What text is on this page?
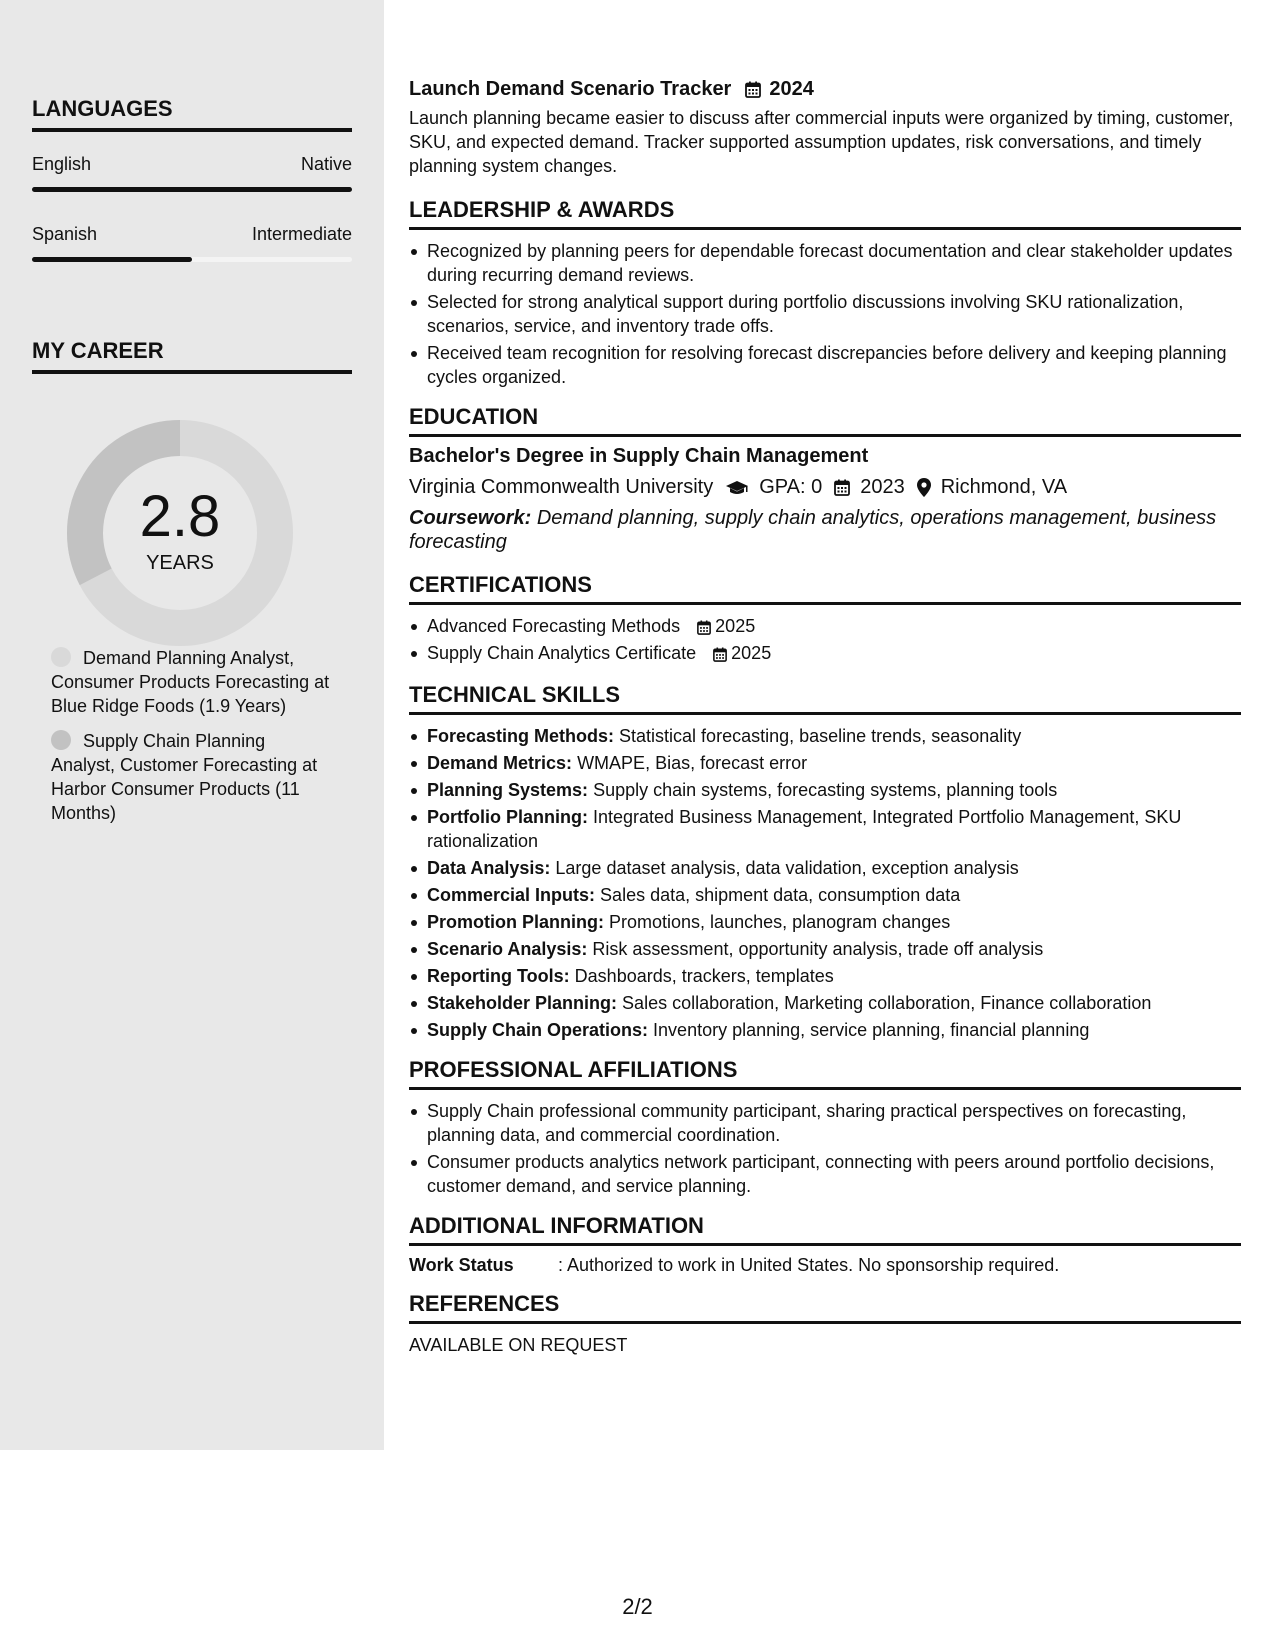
LANGUAGES
English	Native
Spanish	Intermediate
MY CAREER
2.8
YEARS
Demand Planning Analyst, Consumer Products Forecasting at Blue Ridge Foods (1.9 Years)
Supply Chain Planning Analyst, Customer Forecasting at Harbor Consumer Products (11 Months)
Launch Demand Scenario Tracker 2024

Launch planning became easier to discuss after commercial inputs were organized by timing, customer, SKU, and expected demand. Tracker supported assumption updates, risk conversations, and timely planning system changes.

LEADERSHIP & AWARDS
Recognized by planning peers for dependable forecast documentation and clear stakeholder updates during recurring demand reviews.
Selected for strong analytical support during portfolio discussions involving SKU rationalization, scenarios, service, and inventory trade offs.
Received team recognition for resolving forecast discrepancies before delivery and keeping planning cycles organized.
EDUCATION
Bachelor's Degree in Supply Chain Management
Virginia Commonwealth University GPA: 0 2023 Richmond, VA
Coursework: Demand planning, supply chain analytics, operations management, business forecasting
CERTIFICATIONS
Advanced Forecasting Methods 2025
Supply Chain Analytics Certificate 2025
TECHNICAL SKILLS
Forecasting Methods: Statistical forecasting, baseline trends, seasonality
Demand Metrics: WMAPE, Bias, forecast error
Planning Systems: Supply chain systems, forecasting systems, planning tools
Portfolio Planning: Integrated Business Management, Integrated Portfolio Management, SKU rationalization
Data Analysis: Large dataset analysis, data validation, exception analysis
Commercial Inputs: Sales data, shipment data, consumption data
Promotion Planning: Promotions, launches, planogram changes
Scenario Analysis: Risk assessment, opportunity analysis, trade off analysis
Reporting Tools: Dashboards, trackers, templates
Stakeholder Planning: Sales collaboration, Marketing collaboration, Finance collaboration
Supply Chain Operations: Inventory planning, service planning, financial planning
PROFESSIONAL AFFILIATIONS
Supply Chain professional community participant, sharing practical perspectives on forecasting, planning data, and commercial coordination.
Consumer products analytics network participant, connecting with peers around portfolio decisions, customer demand, and service planning.
ADDITIONAL INFORMATION
Work Status	: Authorized to work in United States. No sponsorship required.
REFERENCES
AVAILABLE ON REQUEST
2/2
